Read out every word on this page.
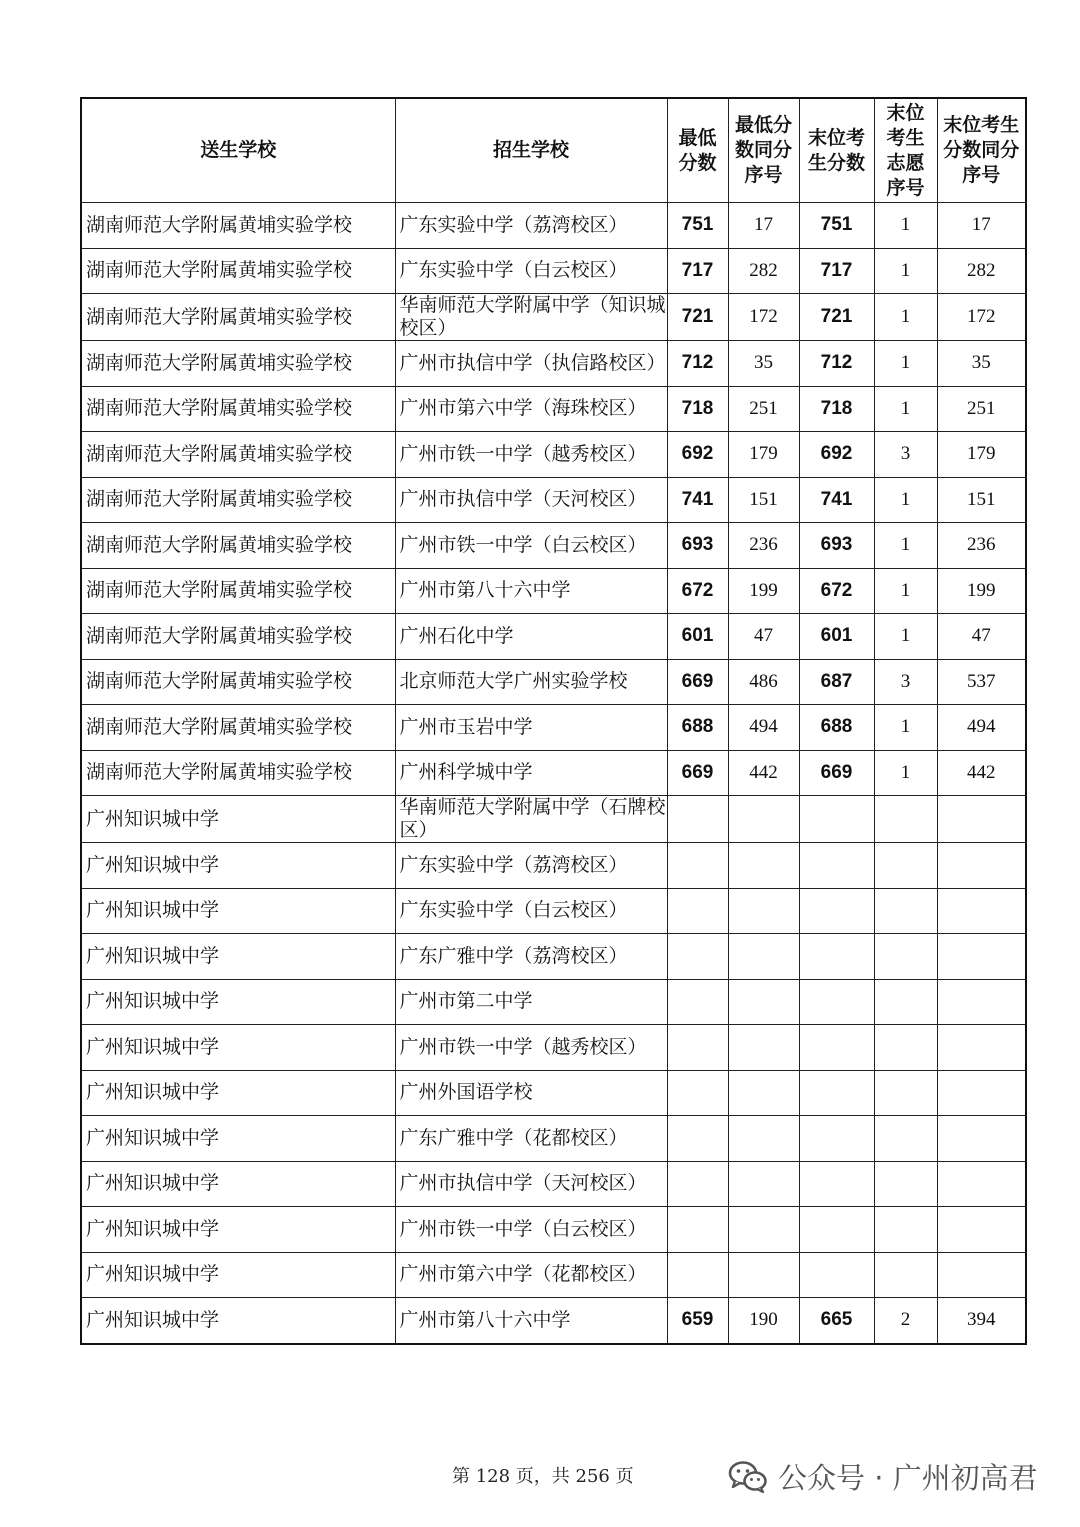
送生学校	招生学校	最低分数	最低分数同分序号	末位考生分数	末位考生志愿序号	末位考生分数同分序号

湖南师范大学附属黄埔实验学校	广东实验中学（荔湾校区）	751	17	751	1	17
湖南师范大学附属黄埔实验学校	广东实验中学（白云校区）	717	282	717	1	282
湖南师范大学附属黄埔实验学校	华南师范大学附属中学（知识城校区）	721	172	721	1	172
湖南师范大学附属黄埔实验学校	广州市执信中学（执信路校区）	712	35	712	1	35
湖南师范大学附属黄埔实验学校	广州市第六中学（海珠校区）	718	251	718	1	251
湖南师范大学附属黄埔实验学校	广州市铁一中学（越秀校区）	692	179	692	3	179
湖南师范大学附属黄埔实验学校	广州市执信中学（天河校区）	741	151	741	1	151
湖南师范大学附属黄埔实验学校	广州市铁一中学（白云校区）	693	236	693	1	236
湖南师范大学附属黄埔实验学校	广州市第八十六中学	672	199	672	1	199
湖南师范大学附属黄埔实验学校	广州石化中学	601	47	601	1	47
湖南师范大学附属黄埔实验学校	北京师范大学广州实验学校	669	486	687	3	537
湖南师范大学附属黄埔实验学校	广州市玉岩中学	688	494	688	1	494
湖南师范大学附属黄埔实验学校	广州科学城中学	669	442	669	1	442
广州知识城中学	华南师范大学附属中学（石牌校区）					
广州知识城中学	广东实验中学（荔湾校区）					
广州知识城中学	广东实验中学（白云校区）					
广州知识城中学	广东广雅中学（荔湾校区）					
广州知识城中学	广州市第二中学					
广州知识城中学	广州市铁一中学（越秀校区）					
广州知识城中学	广州外国语学校					
广州知识城中学	广东广雅中学（花都校区）					
广州知识城中学	广州市执信中学（天河校区）					
广州知识城中学	广州市铁一中学（白云校区）					
广州知识城中学	广州市第六中学（花都校区）					
广州知识城中学	广州市第八十六中学	659	190	665	2	394
第 128 页，共 256 页	公众号 · 广州初高君
